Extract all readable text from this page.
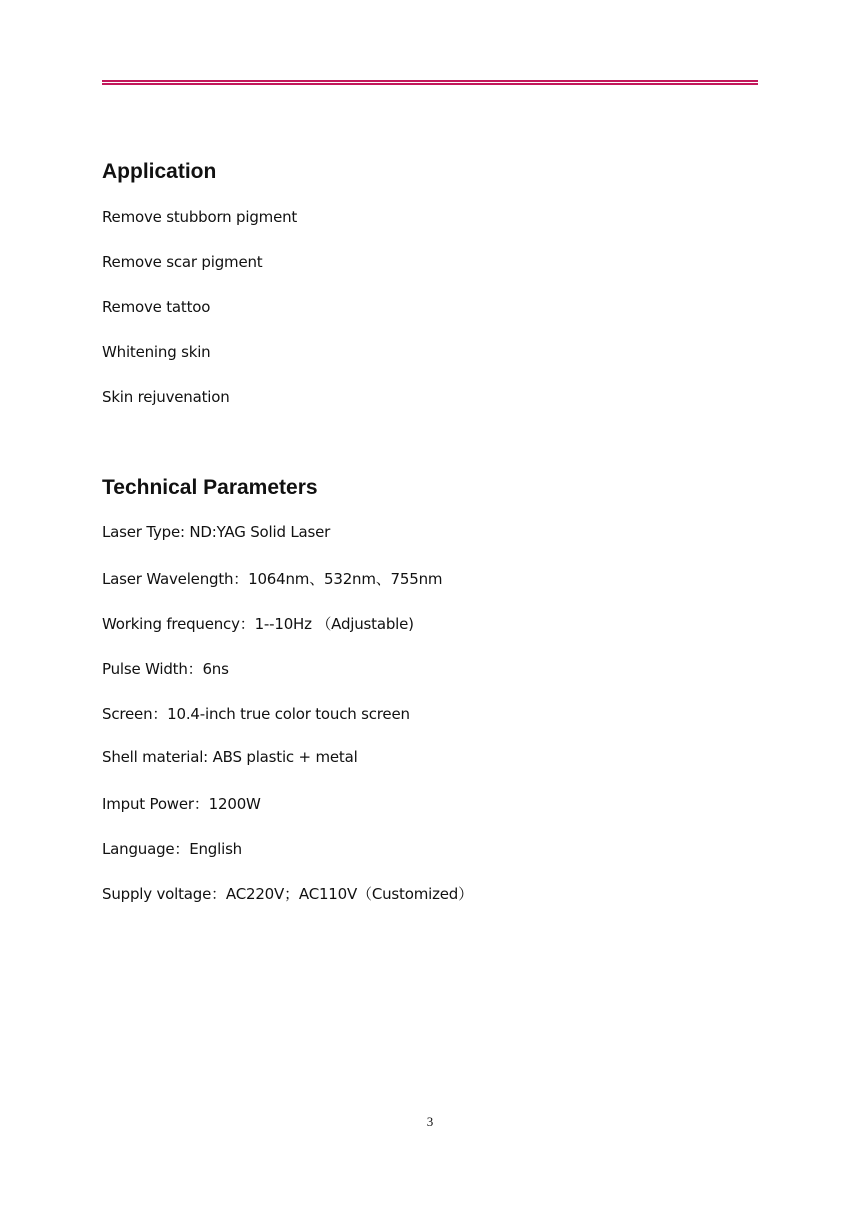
Application

Remove stubborn pigment

Remove scar pigment

Remove tattoo

Whitening skin

Skin rejuvenation

Technical Parameters

Laser Type: ND:YAG Solid Laser

Laser Wavelength：1064nm、532nm、755nm

Working frequency：1--10Hz （Adjustable)

Pulse Width：6ns

Screen：10.4-inch true color touch screen

Shell material: ABS plastic + metal

Imput Power：1200W

Language：English

Supply voltage：AC220V；AC110V（Customized）

3
